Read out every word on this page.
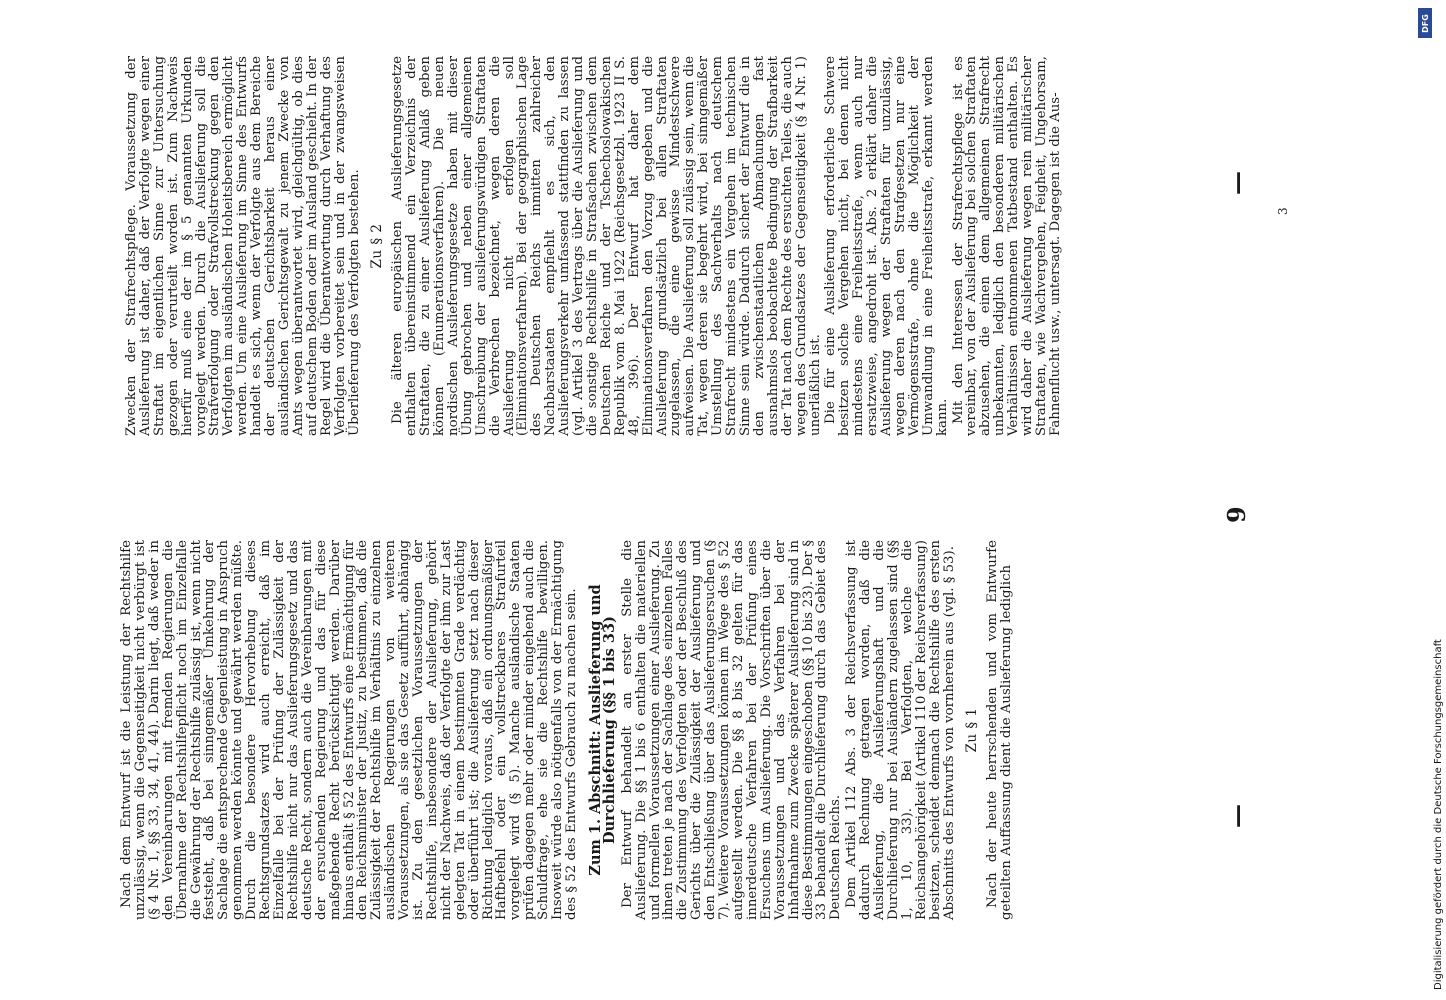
Nach dem Entwurf ist die Leistung der Rechtshilfe unzulässig, wenn die Gegenseitigkeit nicht verbürgt ist (§ 4 Nr. 1, §§ 33, 34, 41, 44). Darin liegt, daß weder in den Vereinbarungen mit fremden Regierungen die Übernahme der Rechtshilfepflicht noch im Einzelfalle die Gewährung der Rechtshilfe zulässig ist, wenn nicht feststeht, daß bei sinngemäßer Umkehrung der Sachlage die entsprechende Gegenleistung in Anspruch genommen werden könnte und gewährt werden müßte. Durch die besondere Hervorhebung dieses Rechtsgrundsatzes wird auch erreicht, daß im Einzelfalle bei der Prüfung der Zulässigkeit der Rechtshilfe nicht nur das Auslieferungsgesetz und das deutsche Recht, sondern auch die Vereinbarungen mit der ersuchenden Regierung und das für diese maßgebende Recht berücksichtigt werden. Darüber hinaus enthält § 52 des Entwurfs eine Ermächtigung für den Reichsminister der Justiz, zu bestimmen, daß die Zulässigkeit der Rechtshilfe im Verhältnis zu einzelnen ausländischen Regierungen von weiteren Voraussetzungen, als sie das Gesetz aufführt, abhängig ist. Zu den gesetzlichen Voraussetzungen der Rechtshilfe, insbesondere der Auslieferung, gehört nicht der Nachweis, daß der Verfolgte der ihm zur Last gelegten Tat in einem bestimmten Grade verdächtig oder überführt ist; die Auslieferung setzt nach dieser Richtung lediglich voraus, daß ein ordnungsmäßiger Haftbefehl oder ein vollstreckbares Strafurteil vorgelegt wird (§ 5). Manche ausländische Staaten prüfen dagegen mehr oder minder eingehend auch die Schuldfrage, ehe sie die Rechtshilfe bewilligen. Insoweit würde also nötigenfalls von der Ermächtigung des § 52 des Entwurfs Gebrauch zu machen sein. Zum 1. Abschnitt: Auslieferung und Durchlieferung (§§ 1 bis 33) Der Entwurf behandelt an erster Stelle die Auslieferung. Die §§ 1 bis 6 enthalten die materiellen und formellen Voraussetzungen einer Auslieferung. Zu ihnen treten je nach der Sachlage des einzelnen Falles die Zustimmung des Verfolgten oder der Beschluß des Gerichts über die Zulässigkeit der Auslieferung und den Entschließung über das Auslieferungsersuchen (§ 7). Weitere Voraussetzungen können im Wege des § 52 aufgestellt werden. Die §§ 8 bis 32 gelten für das innerdeutsche Verfahren bei der Prüfung eines Ersuchens um Auslieferung. Die Vorschriften über die Voraussetzungen und das Verfahren bei der Inhaftnahme zum Zwecke späterer Auslieferung sind in diese Bestimmungen eingeschoben (§§ 10 bis 23). Der § 33 behandelt die Durchlieferung durch das Gebiet des Deutschen Reichs. Dem Artikel 112 Abs. 3 der Reichsverfassung ist dadurch Rechnung getragen worden, daß die Auslieferung, die Auslieferungshaft und die Durchlieferung nur bei Ausländern zugelassen sind (§§ 1, 10, 33). Bei Verfolgten, welche die Reichsangehörigkeit (Artikel 110 der Reichsverfassung) besitzen, scheidet demnach die Rechtshilfe des ersten Abschnitts des Entwurfs von vornherein aus (vgl. § 53). Zu § 1 Nach der heute herrschenden und vom Entwurfe geteilten Auffassung dient die Auslieferung lediglich

Zwecken der Strafrechtspflege. Voraussetzung der Auslieferung ist daher, daß der Verfolgte wegen einer Straftat im eigentlichen Sinne zur Untersuchung gezogen oder verurteilt worden ist. Zum Nachweis hierfür muß eine der im § 5 genannten Urkunden vorgelegt werden. Durch die Auslieferung soll die Strafverfolgung oder Strafvollstreckung gegen den Verfolgten im ausländischen Hoheitsbereich ermöglicht werden. Um eine Auslieferung im Sinne des Entwurfs handelt es sich, wenn der Verfolgte aus dem Bereiche der deutschen Gerichtsbarkeit heraus einer ausländischen Gerichtsgewalt zu jenem Zwecke von Amts wegen überantwortet wird, gleichgültig, ob dies auf deutschem Boden oder im Ausland geschieht. In der Regel wird die Überantwortung durch Verhaftung des Verfolgten vorbereitet sein und in der zwangsweisen Überlieferung des Verfolgten bestehen. Zu § 2 Die älteren europäischen Auslieferungsgesetze enthalten übereinstimmend ein Verzeichnis der Straftaten, die zu einer Auslieferung Anlaß geben können (Enumerationsverfahren). Die neuen nordischen Auslieferungsgesetze haben mit dieser Übung gebrochen und neben einer allgemeinen Umschreibung der auslieferungswürdigen Straftaten die Verbrechen bezeichnet, wegen deren die Auslieferung nicht erfolgen soll (Eliminationsverfahren). Bei der geographischen Lage des Deutschen Reichs inmitten zahlreicher Nachbarstaaten empfiehlt es sich, den Auslieferungsverkehr umfassend stattfinden zu lassen (vgl. Artikel 3 des Vertrags über die Auslieferung und die sonstige Rechtshilfe in Strafsachen zwischen dem Deutschen Reiche und der Tschechoslowakischen Republik vom 8. Mai 1922 (Reichsgesetzbl. 1923 II S. 48, 396). Der Entwurf hat daher dem Eliminationsverfahren den Vorzug gegeben und die Auslieferung grundsätzlich bei allen Straftaten zugelassen, die eine gewisse Mindestschwere aufweisen. Die Auslieferung soll zulässig sein, wenn die Tat, wegen deren sie begehrt wird, bei sinngemäßer Umstellung des Sachverhalts nach deutschem Strafrecht mindestens ein Vergehen im technischen Sinne sein würde. Dadurch sichert der Entwurf die in den zwischenstaatlichen Abmachungen fast ausnahmslos beobachtete Bedingung der Strafbarkeit der Tat nach dem Rechte des ersuchten Teiles, die auch wegen des Grundsatzes der Gegenseitigkeit (§ 4 Nr. 1) unerläßlich ist. Die für eine Auslieferung erforderliche Schwere besitzen solche Vergehen nicht, bei denen nicht mindestens eine Freiheitsstrafe, wenn auch nur ersatzweise, angedroht ist. Abs. 2 erklärt daher die Auslieferung wegen der Straftaten für unzulässig, wegen deren nach den Strafgesetzen nur eine Vermögensstrafe, ohne die Möglichkeit der Umwandlung in eine Freiheitsstrafe, erkannt werden kann. Mit den Interessen der Strafrechtspflege ist es vereinbar, von der Auslieferung bei solchen Straftaten abzusehen, die einen dem allgemeinen Strafrecht unbekannten, lediglich den besonderen militärischen Verhältnissen entnommenen Tatbestand enthalten. Es wird daher die Auslieferung wegen rein militärischer Straftaten, wie Wachvergehen, Feigheit, Ungehorsam, Fahnenflucht usw., untersagt. Dagegen ist die Aus-

—
9
—
3
DFG
Digitalisierung gefördert durch die Deutsche Forschungsgemeinschaft
